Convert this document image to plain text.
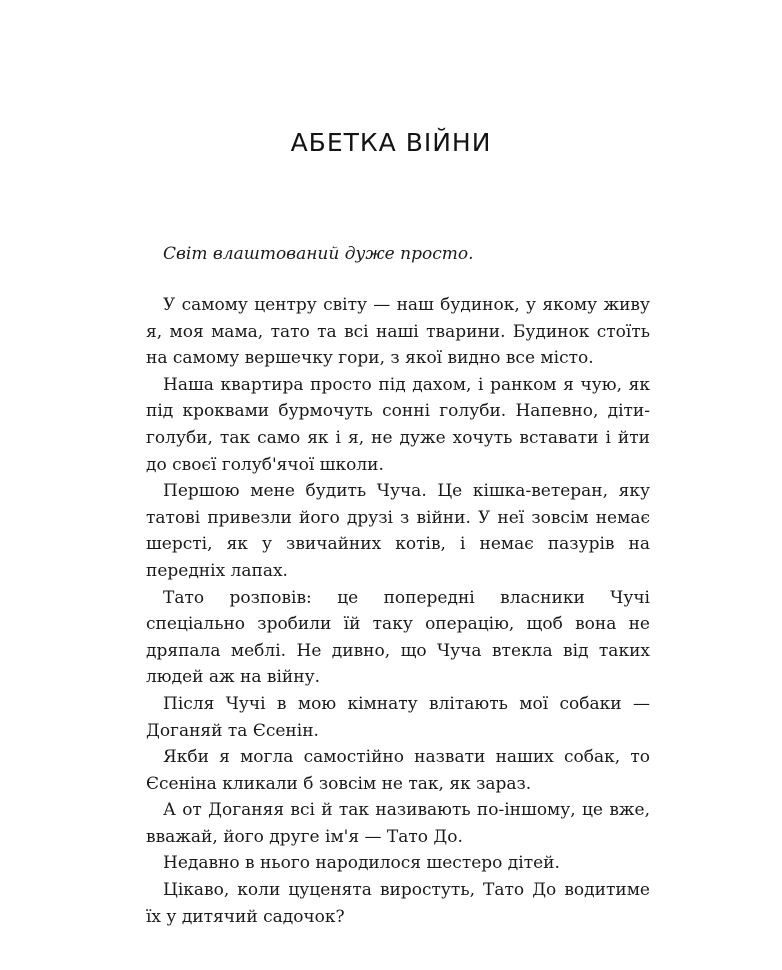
АБЕТКА ВІЙНИ
Світ влаштований дуже просто.

У самому центру світу — наш будинок, у якому живу я, моя мама, тато та всі наші тварини. Будинок стоїть на самому вершечку гори, з якої видно все місто.

Наша квартира просто під дахом, і ранком я чую, як під кроквами бурмочуть сонні голуби. Напевно, діти-голуби, так само як і я, не дуже хочуть вставати і йти до своєї голуб'ячої школи.

Першою мене будить Чуча. Це кішка-ветеран, яку татові привезли його друзі з війни. У неї зовсім немає шерсті, як у звичайних котів, і немає пазурів на передніх лапах.

Тато розповів: це попередні власники Чучі спеціально зробили їй таку операцію, щоб вона не дряпала меблі. Не дивно, що Чуча втекла від таких людей аж на війну.

Після Чучі в мою кімнату влітають мої собаки — Доганяй та Єсенін.

Якби я могла самостійно назвати наших собак, то Єсеніна кликали б зовсім не так, як зараз.

А от Доганяя всі й так називають по-іншому, це вже, вважай, його друге ім'я — Тато До.

Недавно в нього народилося шестеро дітей.

Цікаво, коли цуценята виростуть, Тато До водитиме їх у дитячий садочок?
